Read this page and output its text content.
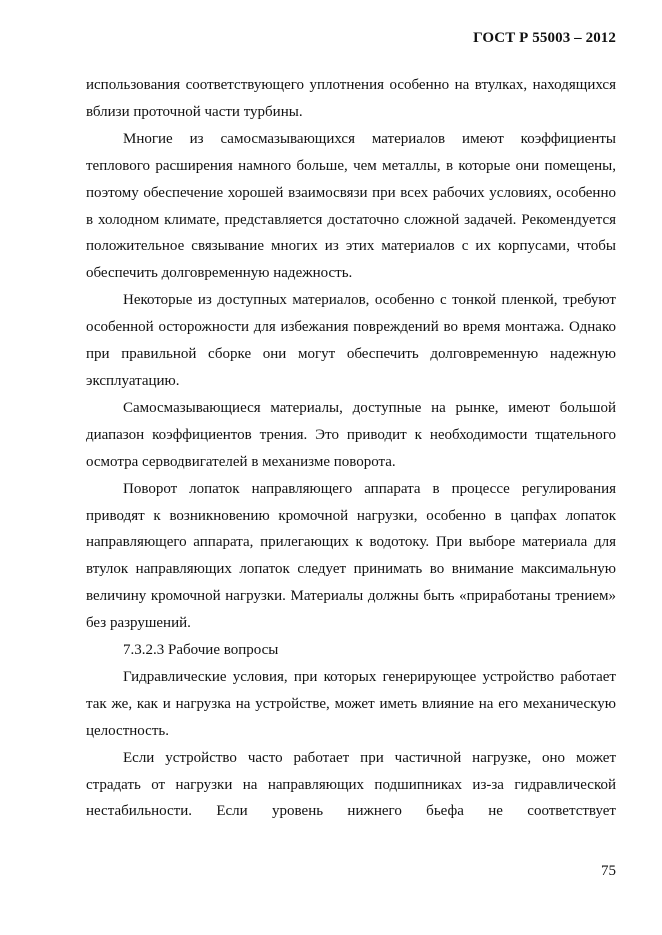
ГОСТ Р 55003 – 2012

использования соответствующего уплотнения особенно на втулках, находящихся вблизи проточной части турбины.

Многие из самосмазывающихся материалов имеют коэффициенты теплового расширения намного больше, чем металлы, в которые они помещены, поэтому обеспечение хорошей взаимосвязи при всех рабочих условиях, особенно в холодном климате, представляется достаточно сложной задачей. Рекомендуется положительное связывание многих из этих материалов с их корпусами, чтобы обеспечить долговременную надежность.

Некоторые из доступных материалов, особенно с тонкой пленкой, требуют особенной осторожности для избежания повреждений во время монтажа. Однако при правильной сборке они могут обеспечить долговременную надежную эксплуатацию.

Самосмазывающиеся материалы, доступные на рынке, имеют большой диапазон коэффициентов трения. Это приводит к необходимости тщательного осмотра серводвигателей в механизме поворота.

Поворот лопаток направляющего аппарата в процессе регулирования приводят к возникновению кромочной нагрузки, особенно в цапфах лопаток направляющего аппарата, прилегающих к водотоку. При выборе материала для втулок направляющих лопаток следует принимать во внимание максимальную величину кромочной нагрузки. Материалы должны быть «приработаны трением» без разрушений.

7.3.2.3 Рабочие вопросы

Гидравлические условия, при которых генерирующее устройство работает так же, как и нагрузка на устройстве, может иметь влияние на его механическую целостность.

Если устройство часто работает при частичной нагрузке, оно может страдать от нагрузки на направляющих подшипниках из-за гидравлической нестабильности. Если уровень нижнего бьефа не соответствует

75
